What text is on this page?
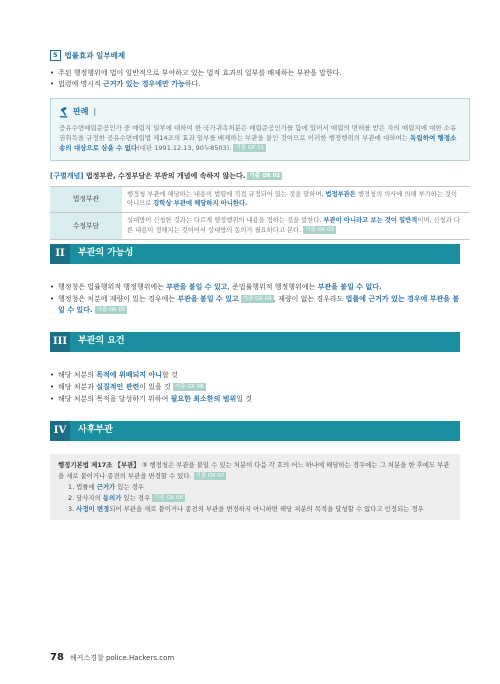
5 법률효과 일부배제
• 주된 행정행위에 법이 일반적으로 부여하고 있는 법적 효과의 일부를 배제하는 부관을 말한다.
• 법령에 명시적 근거가 있는 경우에만 가능하다.
판례 |
공유수면매립준공인가 중 매립지 일부에 대하여 한 국가귀속처분은 매립준공인가를 함에 있어서 매립의 면허를 받은 자의 매립지에 대한 소유권취득을 규정한 공유수면매립법 제14조의 효과 일부를 배제하는 부관을 붙인 것이므로 이러한 행정행위의 부관에 대하여는 독립하여 행정소송의 대상으로 삼을 수 없다(대판 1991.12.13, 90누8503). 기출 OX 01
[구별개념] 법정부관, 수정부담은 부관의 개념에 속하지 않는다. 기출 OX 02
법정부관	행정청 부관에 해당하는 내용이 법령에 직접 규정되어 있는 것을 말하며, 법정부관은 행정청의 의사에 의해 부가하는 것이 아니므로 강학상 부관에 해당하지 아니한다.
수정부담	상대방이 신청한 것과는 다르게 행정행위의 내용을 정하는 것을 말한다. 부관이 아니라고 보는 것이 일반적이며, 신청과 다른 내용이 정해지는 것이어서 상대방의 동의가 필요하다고 본다. 기출 OX 03
II	부관의 가능성
• 행정청은 법률행위적 행정행위에는 부관을 붙일 수 있고, 준법률행위적 행정행위에는 부관을 붙일 수 없다.
• 행정청은 처분에 재량이 있는 경우에는 부관을 붙일 수 있고 기출 OX 04 , 재량이 없는 경우라도 법률에 근거가 있는 경우에 부관을 붙일 수 있다. 기출 OX 05
III	부관의 요건
• 해당 처분의 목적에 위배되지 아니할 것
• 해당 처분과 실질적인 관련이 있을 것 기출 OX 06
• 해당 처분의 목적을 달성하기 위하여 필요한 최소한의 범위일 것
IV	사후부관
행정기본법 제17조 【부관】 ③ 행정청은 부관을 붙일 수 있는 처분이 다음 각 호의 어느 하나에 해당하는 경우에는 그 처분을 한 후에도 부관을 새로 붙이거나 종전의 부관을 변경할 수 있다. 기출 OX 07
1. 법률에 근거가 있는 경우
2. 당사자의 동의가 있는 경우 기출 OX 08
3. 사정이 변경되어 부관을 새로 붙이거나 종전의 부관을 변경하지 아니하면 해당 처분의 목적을 달성할 수 없다고 인정되는 경우
78 해커스경찰 police.Hackers.com
